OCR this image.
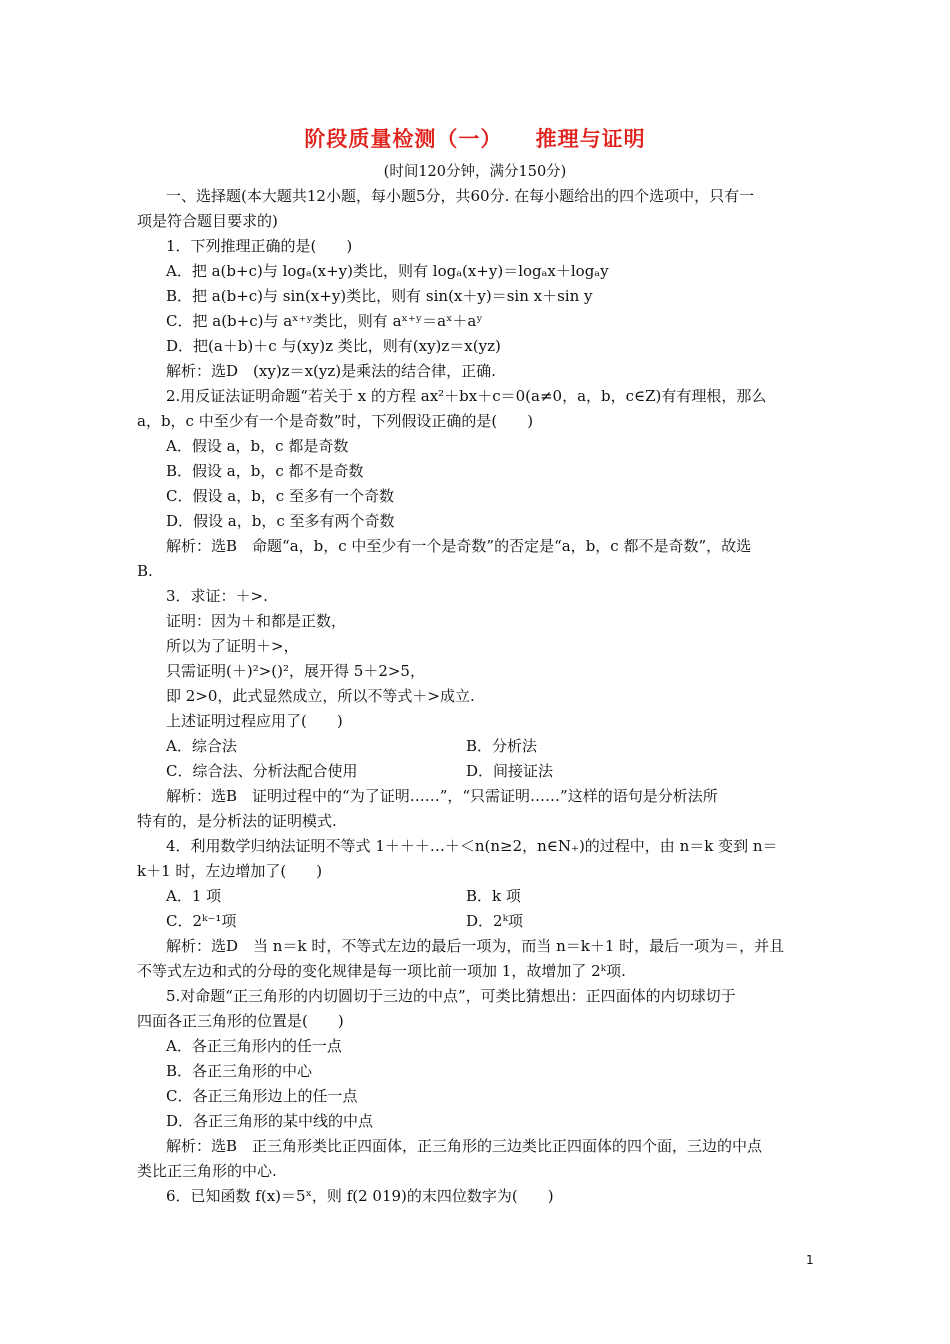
阶段质量检测（一）    推理与证明
(时间120分钟，满分150分)
一、选择题(本大题共12小题，每小题5分，共60分. 在每小题给出的四个选项中，只有一
项是符合题目要求的)
1．下列推理正确的是(　　)
A．把 a(b+c)与 logₐ(x+y)类比，则有 logₐ(x+y)＝logₐx＋logₐy
B．把 a(b+c)与 sin(x+y)类比，则有 sin(x＋y)＝sin x＋sin y
C．把 a(b+c)与 aˣ⁺ʸ类比，则有 aˣ⁺ʸ＝aˣ＋aʸ
D．把(a＋b)＋c 与(xy)z 类比，则有(xy)z＝x(yz)
解析：选D　(xy)z＝x(yz)是乘法的结合律，正确.
2.用反证法证明命题“若关于 x 的方程 ax²＋bx＋c＝0(a≠0，a，b，c∈Z)有有理根，那么
a，b，c 中至少有一个是奇数”时，下列假设正确的是(　　)
A．假设 a，b，c 都是奇数
B．假设 a，b，c 都不是奇数
C．假设 a，b，c 至多有一个奇数
D．假设 a，b，c 至多有两个奇数
解析：选B　命题“a，b，c 中至少有一个是奇数”的否定是“a，b，c 都不是奇数”，故选
B.
3．求证：＋>.
证明：因为＋和都是正数，
所以为了证明＋>，
只需证明(＋)²>()²，展开得 5＋2>5，
即 2>0，此式显然成立，所以不等式＋>成立.
上述证明过程应用了(　　)
A．综合法	B．分析法
C．综合法、分析法配合使用	D．间接证法
解析：选B　证明过程中的“为了证明……”，“只需证明……”这样的语句是分析法所
特有的，是分析法的证明模式.
4．利用数学归纳法证明不等式 1＋＋＋…＋＜n(n≥2，n∈N₊)的过程中，由 n＝k 变到 n＝
k＋1 时，左边增加了(　　)
A．1 项	B．k 项
C．2ᵏ⁻¹项	D．2ᵏ项
解析：选D　当 n＝k 时，不等式左边的最后一项为，而当 n＝k＋1 时，最后一项为＝，并且
不等式左边和式的分母的变化规律是每一项比前一项加 1，故增加了 2ᵏ项.
5.对命题“正三角形的内切圆切于三边的中点”，可类比猜想出：正四面体的内切球切于
四面各正三角形的位置是(　　)
A．各正三角形内的任一点
B．各正三角形的中心
C．各正三角形边上的任一点
D．各正三角形的某中线的中点
解析：选B　正三角形类比正四面体，正三角形的三边类比正四面体的四个面，三边的中点
类比正三角形的中心.
6．已知函数 f(x)＝5ˣ，则 f(2 019)的末四位数字为(　　)
1
